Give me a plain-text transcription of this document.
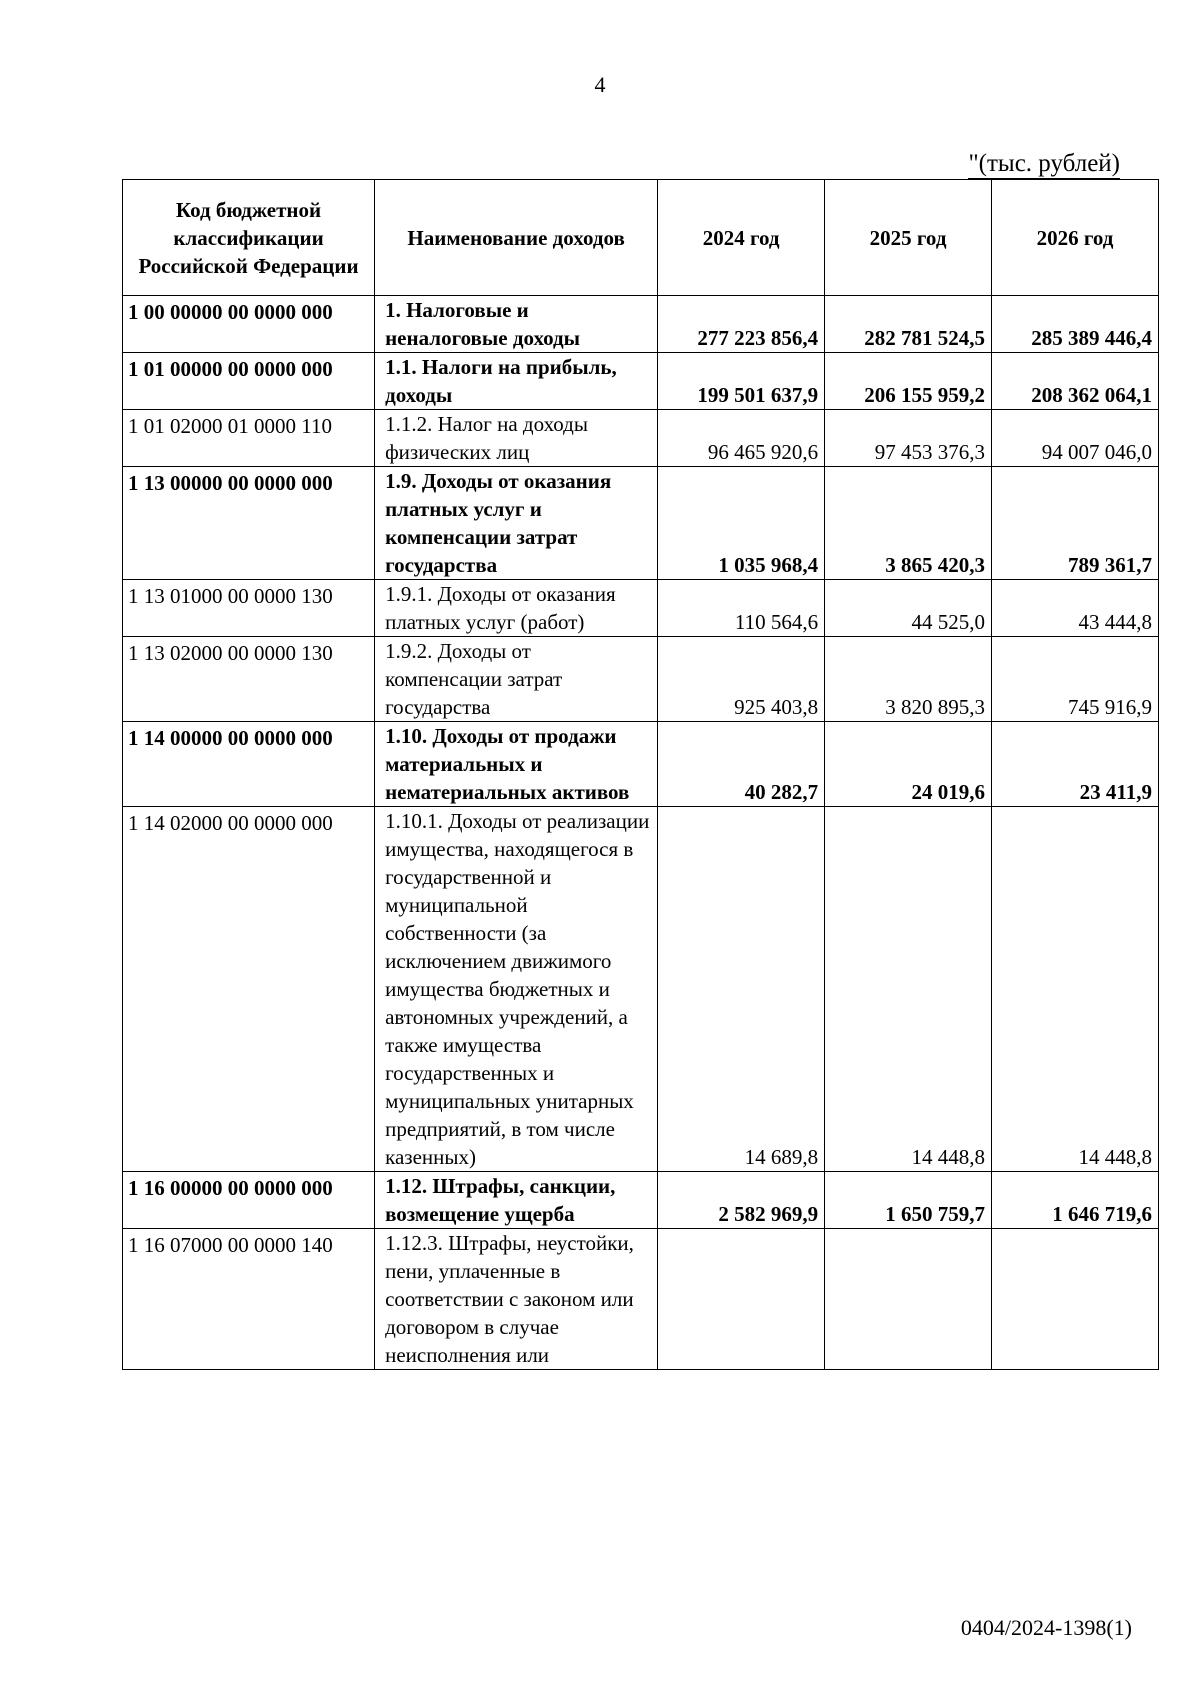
4
"(тыс. рублей)
Код бюджетной классификации Российской Федерации	Наименование доходов	2024 год	2025 год	2026 год
1 00 00000 00 0000 000	1. Налоговые и неналоговые доходы	277 223 856,4	282 781 524,5	285 389 446,4
1 01 00000 00 0000 000	1.1. Налоги на прибыль, доходы	199 501 637,9	206 155 959,2	208 362 064,1
1 01 02000 01 0000 110	1.1.2. Налог на доходы физических лиц	96 465 920,6	97 453 376,3	94 007 046,0
1 13 00000 00 0000 000	1.9. Доходы от оказания платных услуг и компенсации затрат государства	1 035 968,4	3 865 420,3	789 361,7
1 13 01000 00 0000 130	1.9.1. Доходы от оказания платных услуг (работ)	110 564,6	44 525,0	43 444,8
1 13 02000 00 0000 130	1.9.2. Доходы от компенсации затрат государства	925 403,8	3 820 895,3	745 916,9
1 14 00000 00 0000 000	1.10. Доходы от продажи материальных и нематериальных активов	40 282,7	24 019,6	23 411,9
1 14 02000 00 0000 000	1.10.1. Доходы от реализации имущества, находящегося в государственной и муниципальной собственности (за исключением движимого имущества бюджетных и автономных учреждений, а также имущества государственных и муниципальных унитарных предприятий, в том числе казенных)	14 689,8	14 448,8	14 448,8
1 16 00000 00 0000 000	1.12. Штрафы, санкции, возмещение ущерба	2 582 969,9	1 650 759,7	1 646 719,6
1 16 07000 00 0000 140	1.12.3. Штрафы, неустойки, пени, уплаченные в соответствии с законом или договором в случае неисполнения или			
0404/2024-1398(1)
